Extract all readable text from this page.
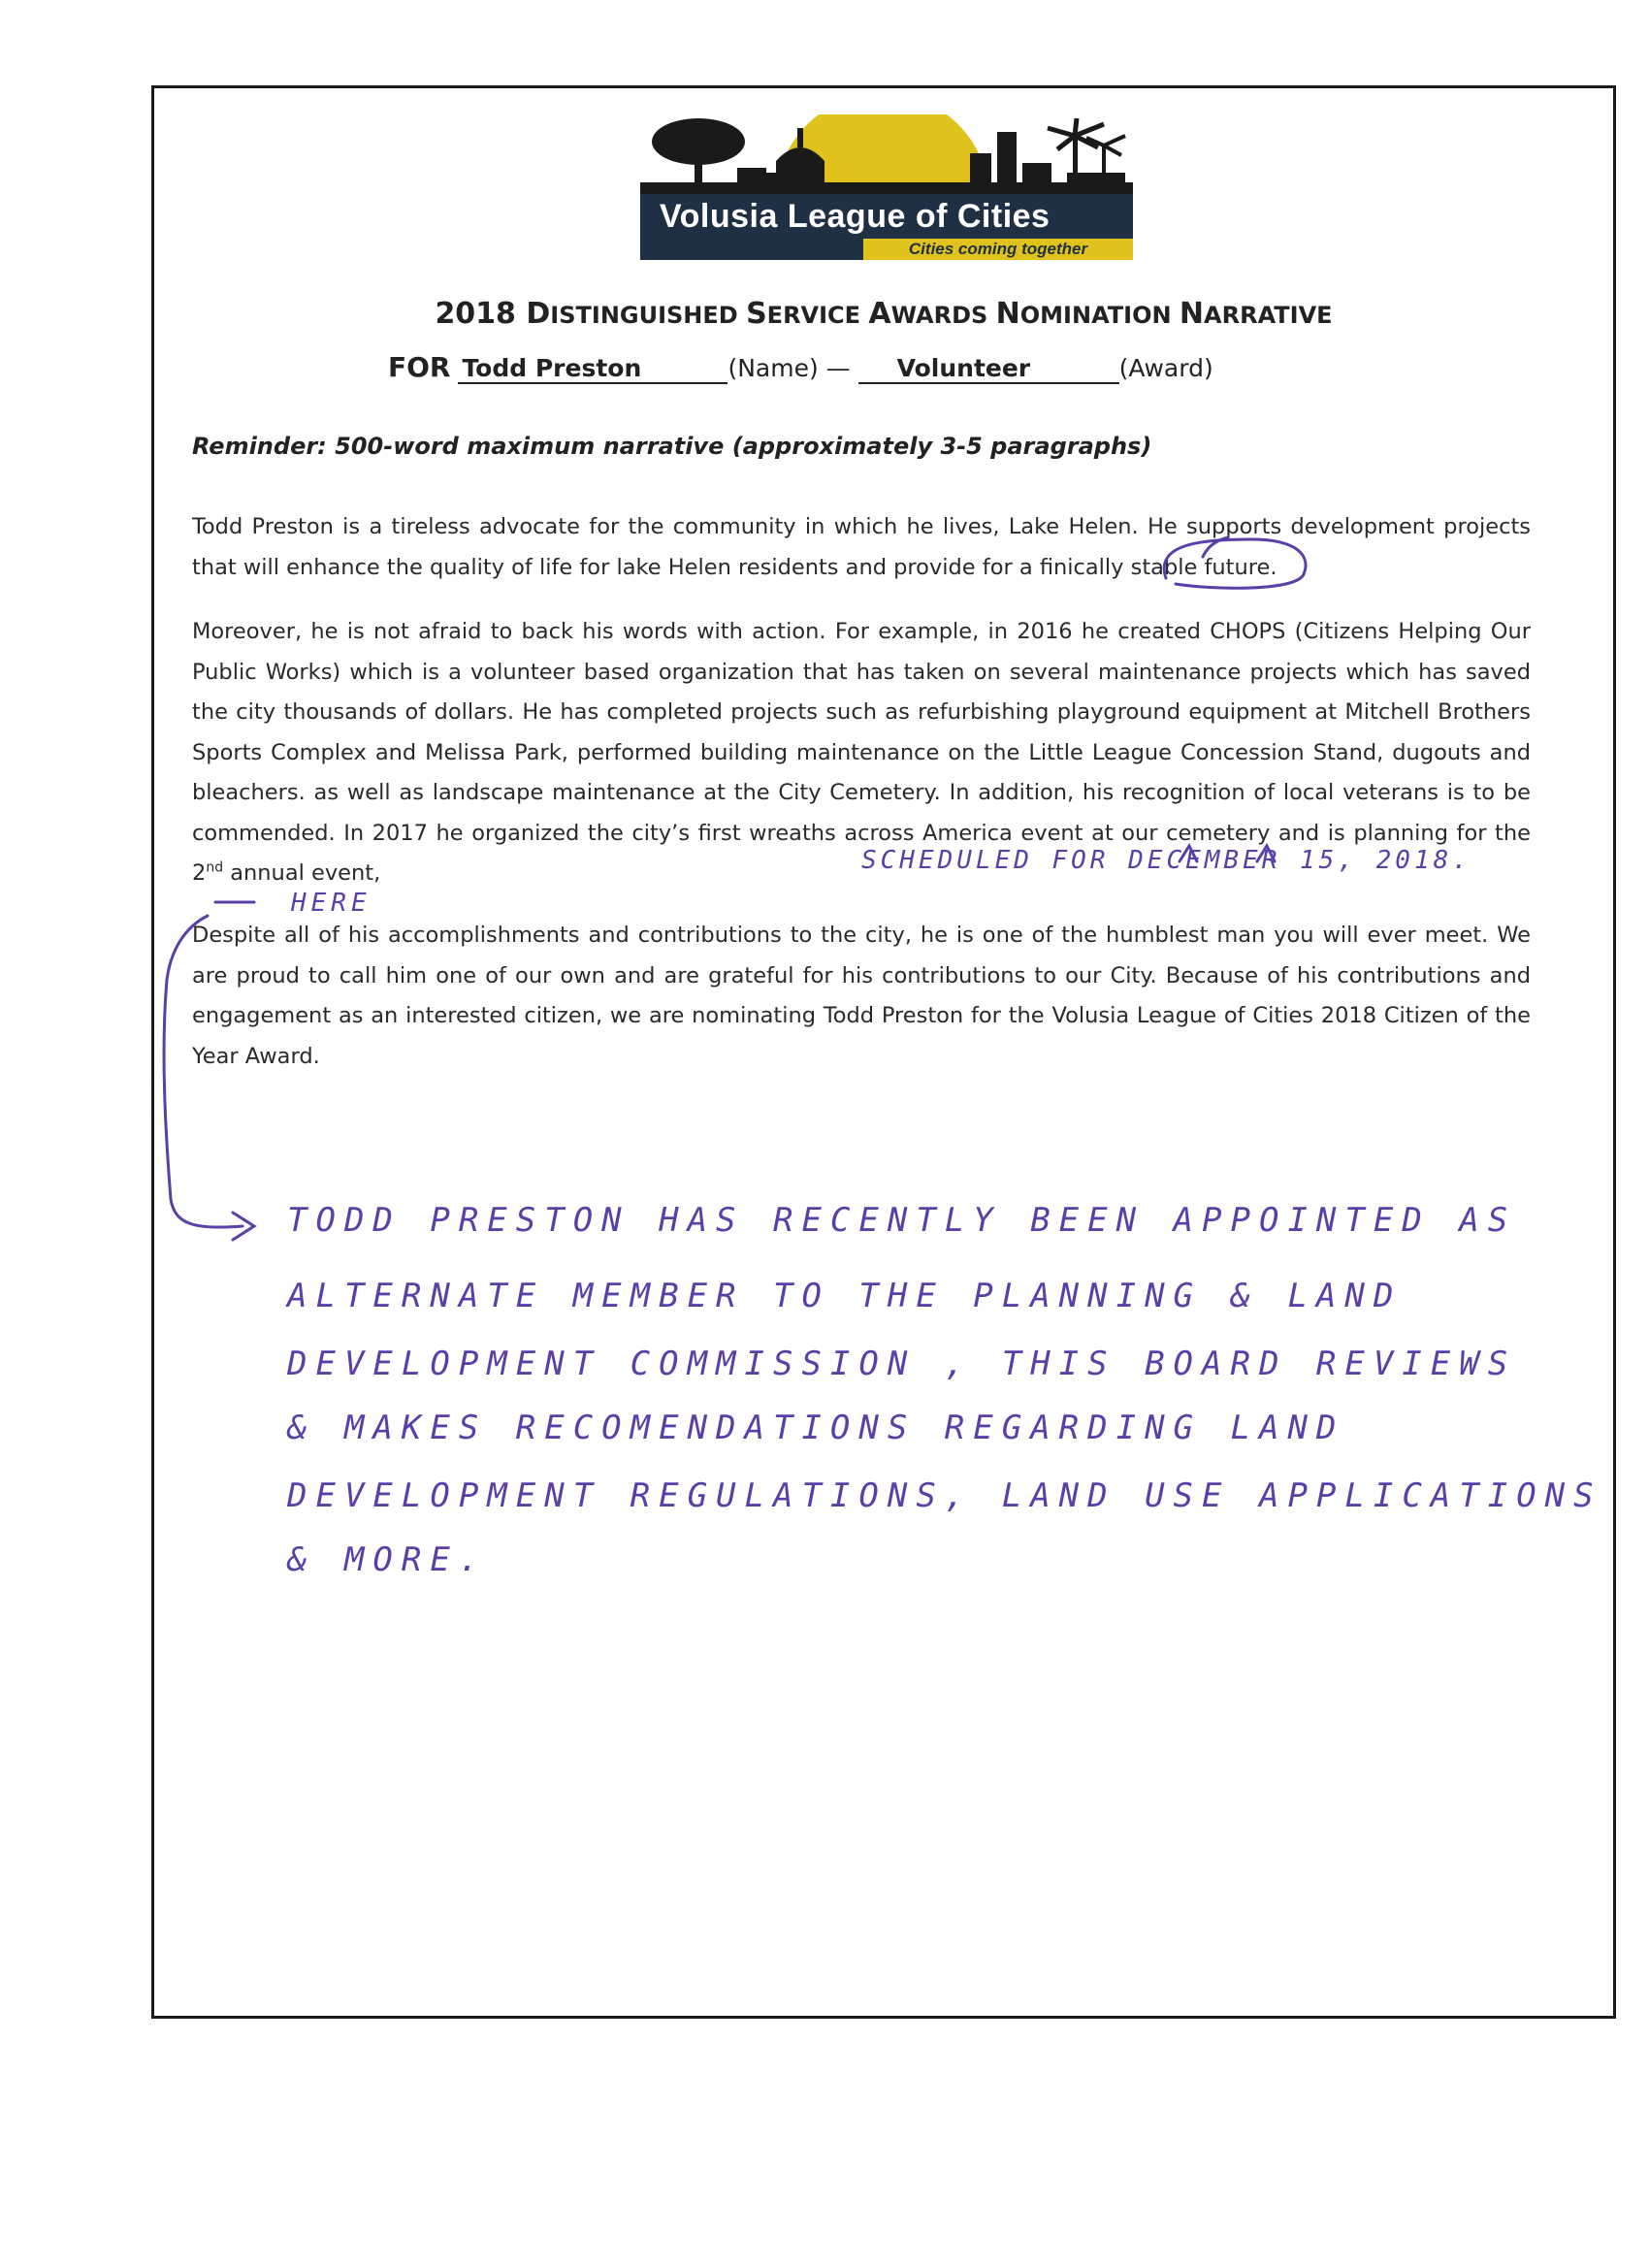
Volusia League of Cities
Cities coming together
2018 DISTINGUISHED SERVICE AWARDS NOMINATION NARRATIVE
FOR Todd Preston	(Name) — Volunteer	(Award)
Reminder: 500-word maximum narrative (approximately 3-5 paragraphs)
Todd Preston is a tireless advocate for the community in which he lives, Lake Helen. He supports development projects that will enhance the quality of life for lake Helen residents and provide for a finically stable future.
Moreover, he is not afraid to back his words with action. For example, in 2016 he created CHOPS (Citizens Helping Our Public Works) which is a volunteer based organization that has taken on several maintenance projects which has saved the city thousands of dollars. He has completed projects such as refurbishing playground equipment at Mitchell Brothers Sports Complex and Melissa Park, performed building maintenance on the Little League Concession Stand, dugouts and bleachers. as well as landscape maintenance at the City Cemetery. In addition, his recognition of local veterans is to be commended. In 2017 he organized the city’s first wreaths across America event at our cemetery and is planning for the 2nd annual event,
Despite all of his accomplishments and contributions to the city, he is one of the humblest man you will ever meet. We are proud to call him one of our own and are grateful for his contributions to our City. Because of his contributions and engagement as an interested citizen, we are nominating Todd Preston for the Volusia League of Cities 2018 Citizen of the Year Award.
SCHEDULED FOR DECEMBER 15, 2018.
HERE
TODD PRESTON HAS RECENTLY BEEN APPOINTED AS
ALTERNATE MEMBER TO THE PLANNING & LAND
DEVELOPMENT COMMISSION , THIS BOARD REVIEWS
& MAKES RECOMENDATIONS REGARDING LAND
DEVELOPMENT REGULATIONS, LAND USE APPLICATIONS
& MORE.
